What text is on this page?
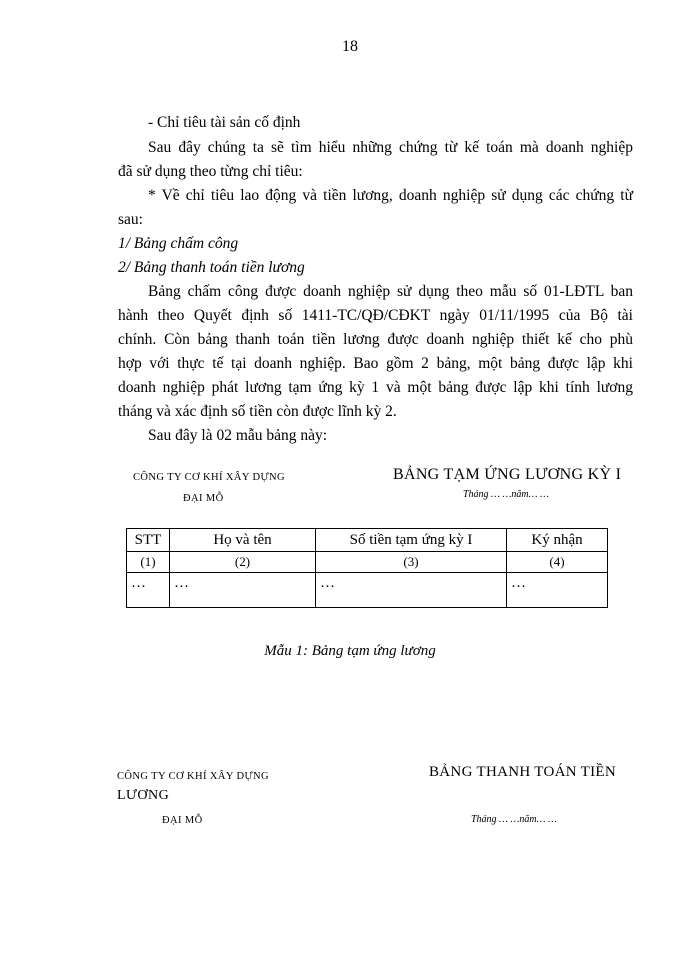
18
- Chỉ tiêu tài sản cố định
Sau đây chúng ta sẽ tìm hiểu những chứng từ kế toán mà doanh nghiệp
đã sử dụng theo từng chỉ tiêu:
* Về chỉ tiêu lao động và tiền lương, doanh nghiệp sử dụng các chứng từ
sau:
1/ Bảng chấm công
2/ Bảng thanh toán tiền lương
Bảng chấm công được doanh nghiệp sử dụng theo mẫu số 01-LĐTL ban
hành theo Quyết định số 1411-TC/QĐ/CĐKT ngày 01/11/1995 của Bộ tài
chính. Còn bảng thanh toán tiền lương được doanh nghiệp thiết kế cho phù
hợp với thực tế tại doanh nghiệp. Bao gồm 2 bảng, một bảng được lập khi
doanh nghiệp phát lương tạm ứng kỳ 1 và một bảng được lập khi tính lương
tháng và xác định số tiền còn được lĩnh kỳ 2.
Sau đây là 02 mẫu bảng này:
CÔNG TY CƠ KHÍ XÂY DỰNG
ĐẠI MỖ
BẢNG TẠM ỨNG LƯƠNG KỲ I
Tháng … …năm… …
STT	Họ và tên	Số tiền tạm ứng kỳ I	Ký nhận
(1)	(2)	(3)	(4)
…	…	…	…
Mẫu 1: Bảng tạm ứng lương
CÔNG TY CƠ KHÍ XÂY DỰNG
LƯƠNG
ĐẠI MỖ
BẢNG THANH TOÁN TIỀN
Tháng … …năm… …
